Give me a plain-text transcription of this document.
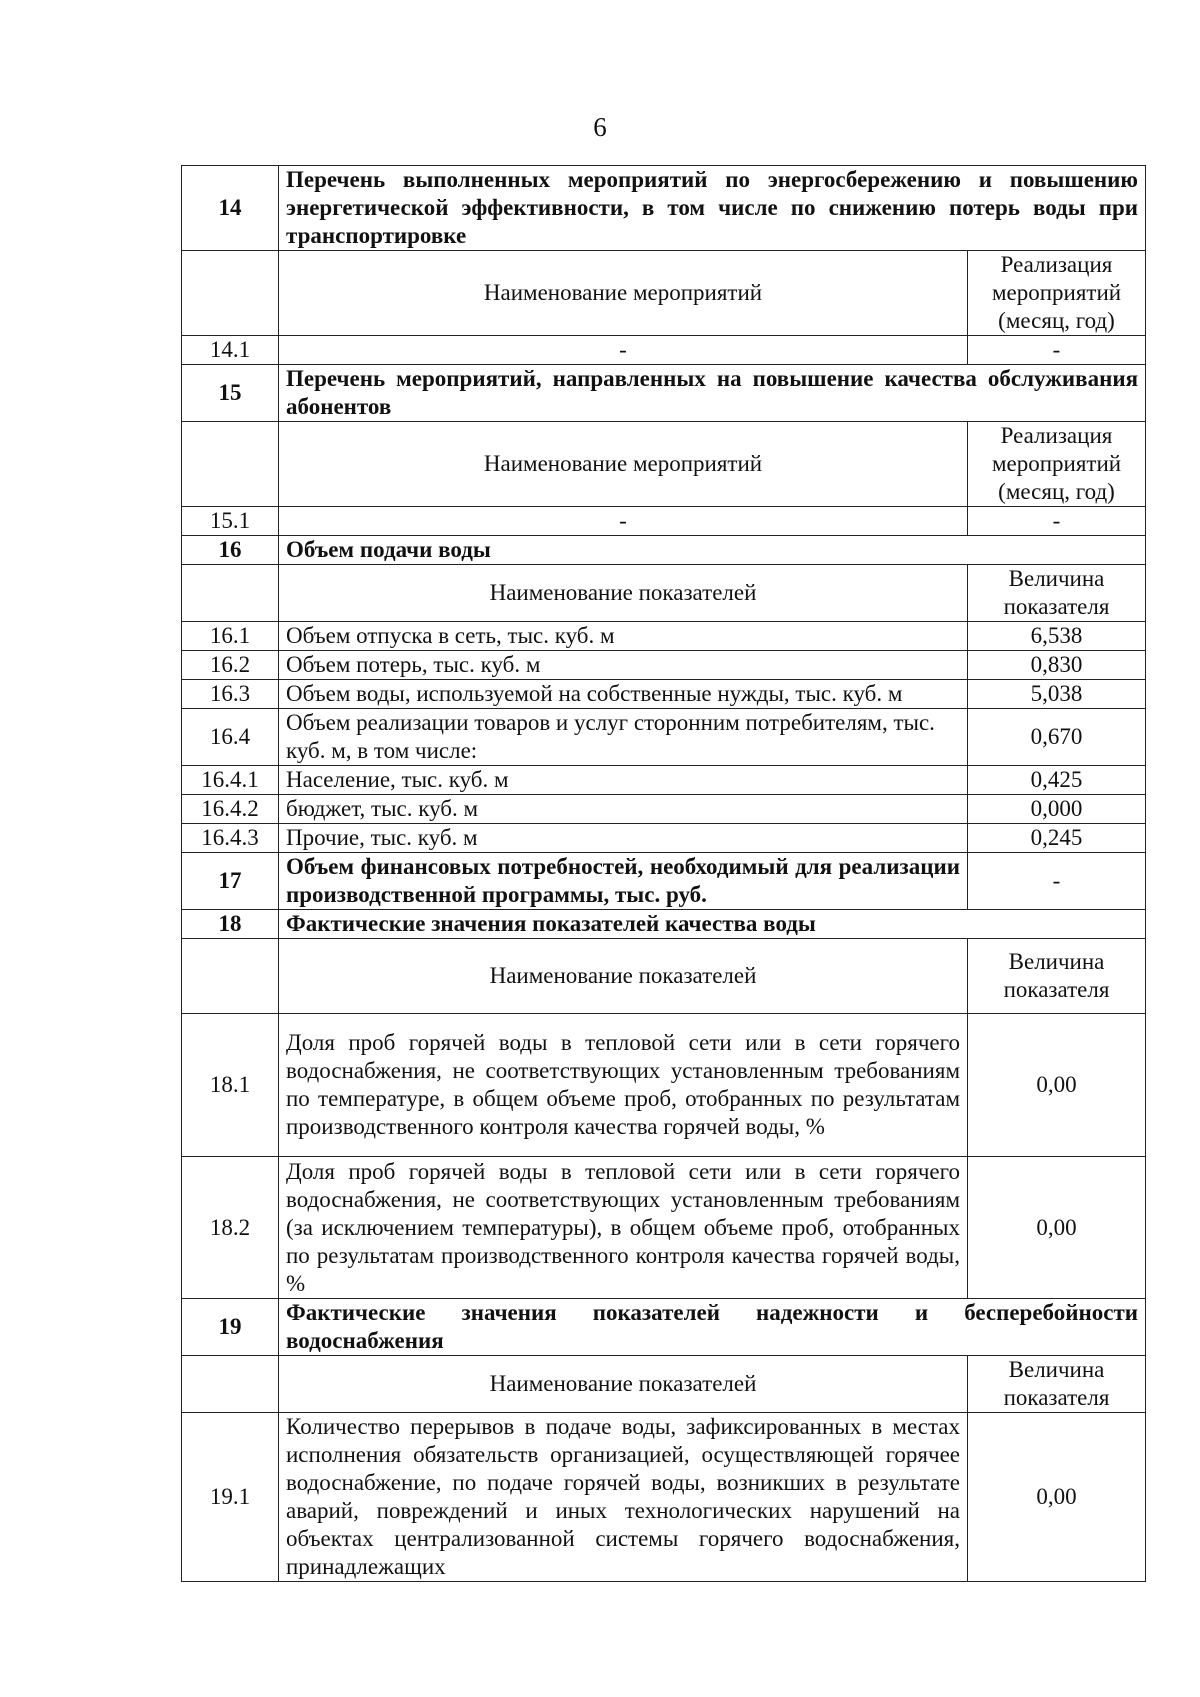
6
14	Перечень выполненных мероприятий по энергосбережению и повышению энергетической эффективности, в том числе по снижению потерь воды при транспортировке	
	Наименование мероприятий	Реализация мероприятий (месяц, год)
14.1	-	-
15	Перечень мероприятий, направленных на повышение качества обслуживания абонентов	
	Наименование мероприятий	Реализация мероприятий (месяц, год)
15.1	-	-
16	Объем подачи воды	
	Наименование показателей	Величина показателя
16.1	Объем отпуска в сеть, тыс. куб. м	6,538
16.2	Объем потерь, тыс. куб. м	0,830
16.3	Объем воды, используемой на собственные нужды, тыс. куб. м	5,038
16.4	Объем реализации товаров и услуг сторонним потребителям, тыс. куб. м, в том числе:	0,670
16.4.1	Население, тыс. куб. м	0,425
16.4.2	бюджет, тыс. куб. м	0,000
16.4.3	Прочие, тыс. куб. м	0,245
17	Объем финансовых потребностей, необходимый для реализации производственной программы, тыс. руб.	-
18	Фактические значения показателей качества воды	
	Наименование показателей	Величина показателя
18.1	Доля проб горячей воды в тепловой сети или в сети горячего водоснабжения, не соответствующих установленным требованиям по температуре, в общем объеме проб, отобранных по результатам производственного контроля качества горячей воды, %	0,00
18.2	Доля проб горячей воды в тепловой сети или в сети горячего водоснабжения, не соответствующих установленным требованиям (за исключением температуры), в общем объеме проб, отобранных по результатам производственного контроля качества горячей воды, %	0,00
19	Фактические значения показателей надежности и бесперебойности водоснабжения	
	Наименование показателей	Величина показателя
19.1	Количество перерывов в подаче воды, зафиксированных в местах исполнения обязательств организацией, осуществляющей горячее водоснабжение, по подаче горячей воды, возникших в результате аварий, повреждений и иных технологических нарушений на объектах централизованной системы горячего водоснабжения, принадлежащих	0,00
